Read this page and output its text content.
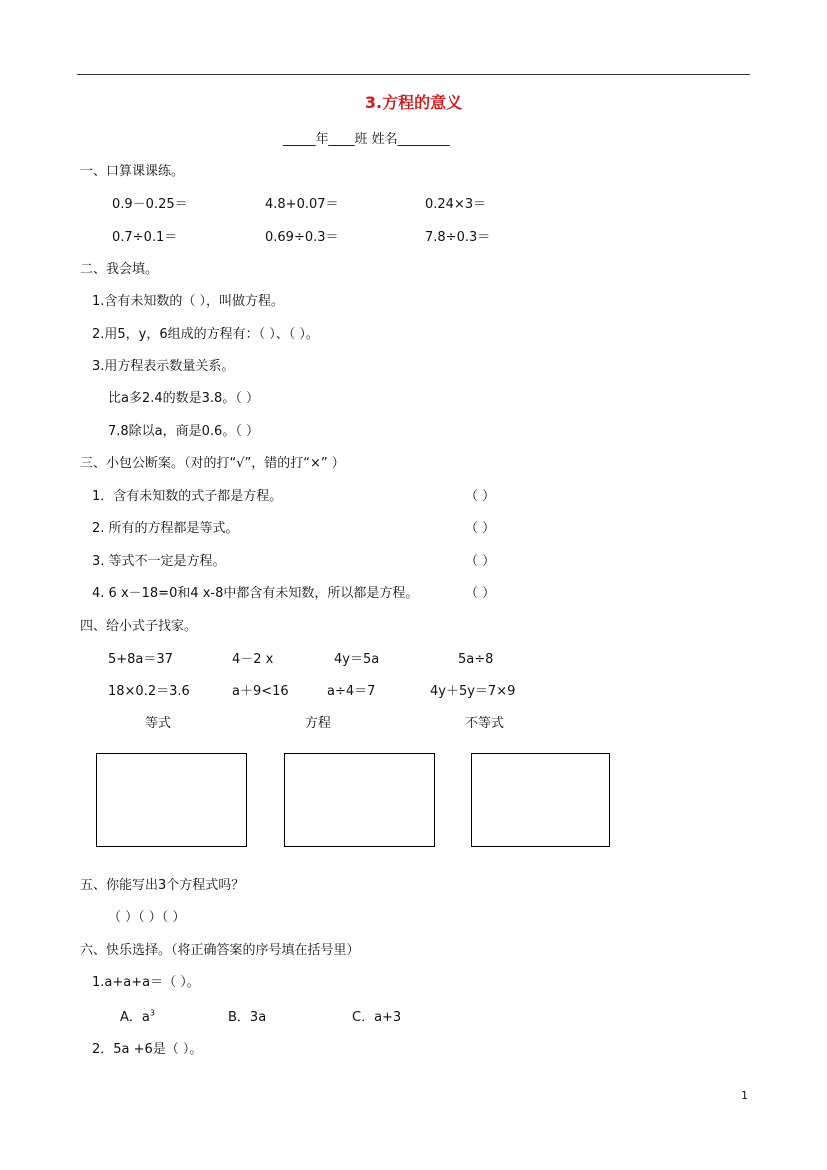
3.方程的意义
_____年____班 姓名________
一、口算课课练。
0.9－0.25＝	4.8+0.07＝	0.24×3＝
0.7÷0.1＝	0.69÷0.3＝	7.8÷0.3＝
二、我会填。
1.含有未知数的（ ），叫做方程。
2.用5，y，6组成的方程有：（ ）、（ ）。
3.用方程表示数量关系。
比a多2.4的数是3.8。（ ）
7.8除以a，商是0.6。（ ）
三、小包公断案。（对的打“√”，错的打“×” ）
1．含有未知数的式子都是方程。	（ ）
2. 所有的方程都是等式。	（ ）
3. 等式不一定是方程。	（ ）
4. 6 x－18=0和4 x-8中都含有未知数，所以都是方程。	（ ）
四、给小式子找家。
5+8a＝37	4－2 x	4y＝5a	5a÷8
18×0.2＝3.6	a＋9<16	a÷4＝7	4y＋5y＝7×9
等式	方程	不等式
五、你能写出3个方程式吗？
（ ）（ ）（ ）
六、快乐选择。（将正确答案的序号填在括号里）
1.a+a+a＝（ ）。
A．$a^3$	B．3a	C．a+3
2．5a +6是（ ）。
1
